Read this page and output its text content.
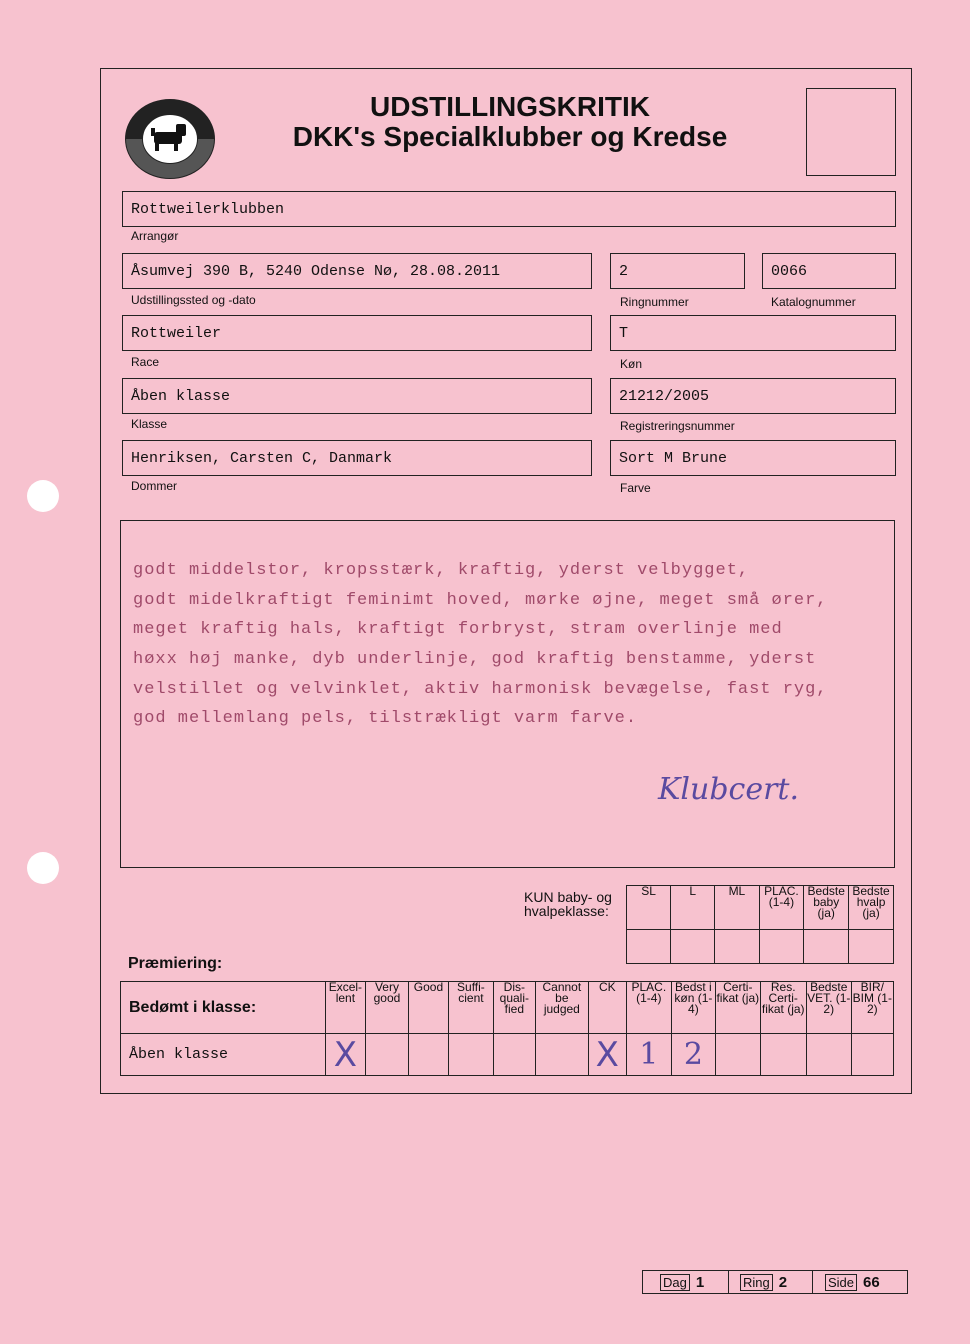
UDSTILLINGSKRITIK
DKK's Specialklubber og Kredse
Rottweilerklubben
Arrangør
Åsumvej 390 B, 5240 Odense Nø, 28.08.2011
Udstillingssted og -dato
2
Ringnummer
0066
Katalognummer
Rottweiler
Race
T
Køn
Åben klasse
Klasse
21212/2005
Registreringsnummer
Henriksen, Carsten C, Danmark
Dommer
Sort M Brune
Farve
godt middelstor, kropsstærk, kraftig, yderst velbygget,
godt midelkraftigt feminimt hoved, mørke øjne, meget små ører,
meget kraftig hals, kraftigt forbryst, stram overlinje med
høxx høj manke, dyb underlinje, god kraftig benstamme, yderst
velstillet og velvinklet, aktiv harmonisk bevægelse, fast ryg,
god mellemlang pels, tilstrækligt varm farve.
Klubcert.
KUN baby- og hvalpeklasse:
SL	L	ML	PLAC. (1-4)	Bedste baby (ja)	Bedste hvalp (ja)

Præmiering:
Bedømt i klasse:	Excel-lent	Very good	Good	Suffi-cient	Dis-quali-fied	Cannot be judged	CK	PLAC. (1-4)	Bedst i køn (1-4)	Certi-fikat (ja)	Res. Certi-fikat (ja)	Bedste VET. (1-2)	BIR/ BIM (1-2)
Åben klasse	X						X	1	2				
Dag 1	Ring 2	Side 66
